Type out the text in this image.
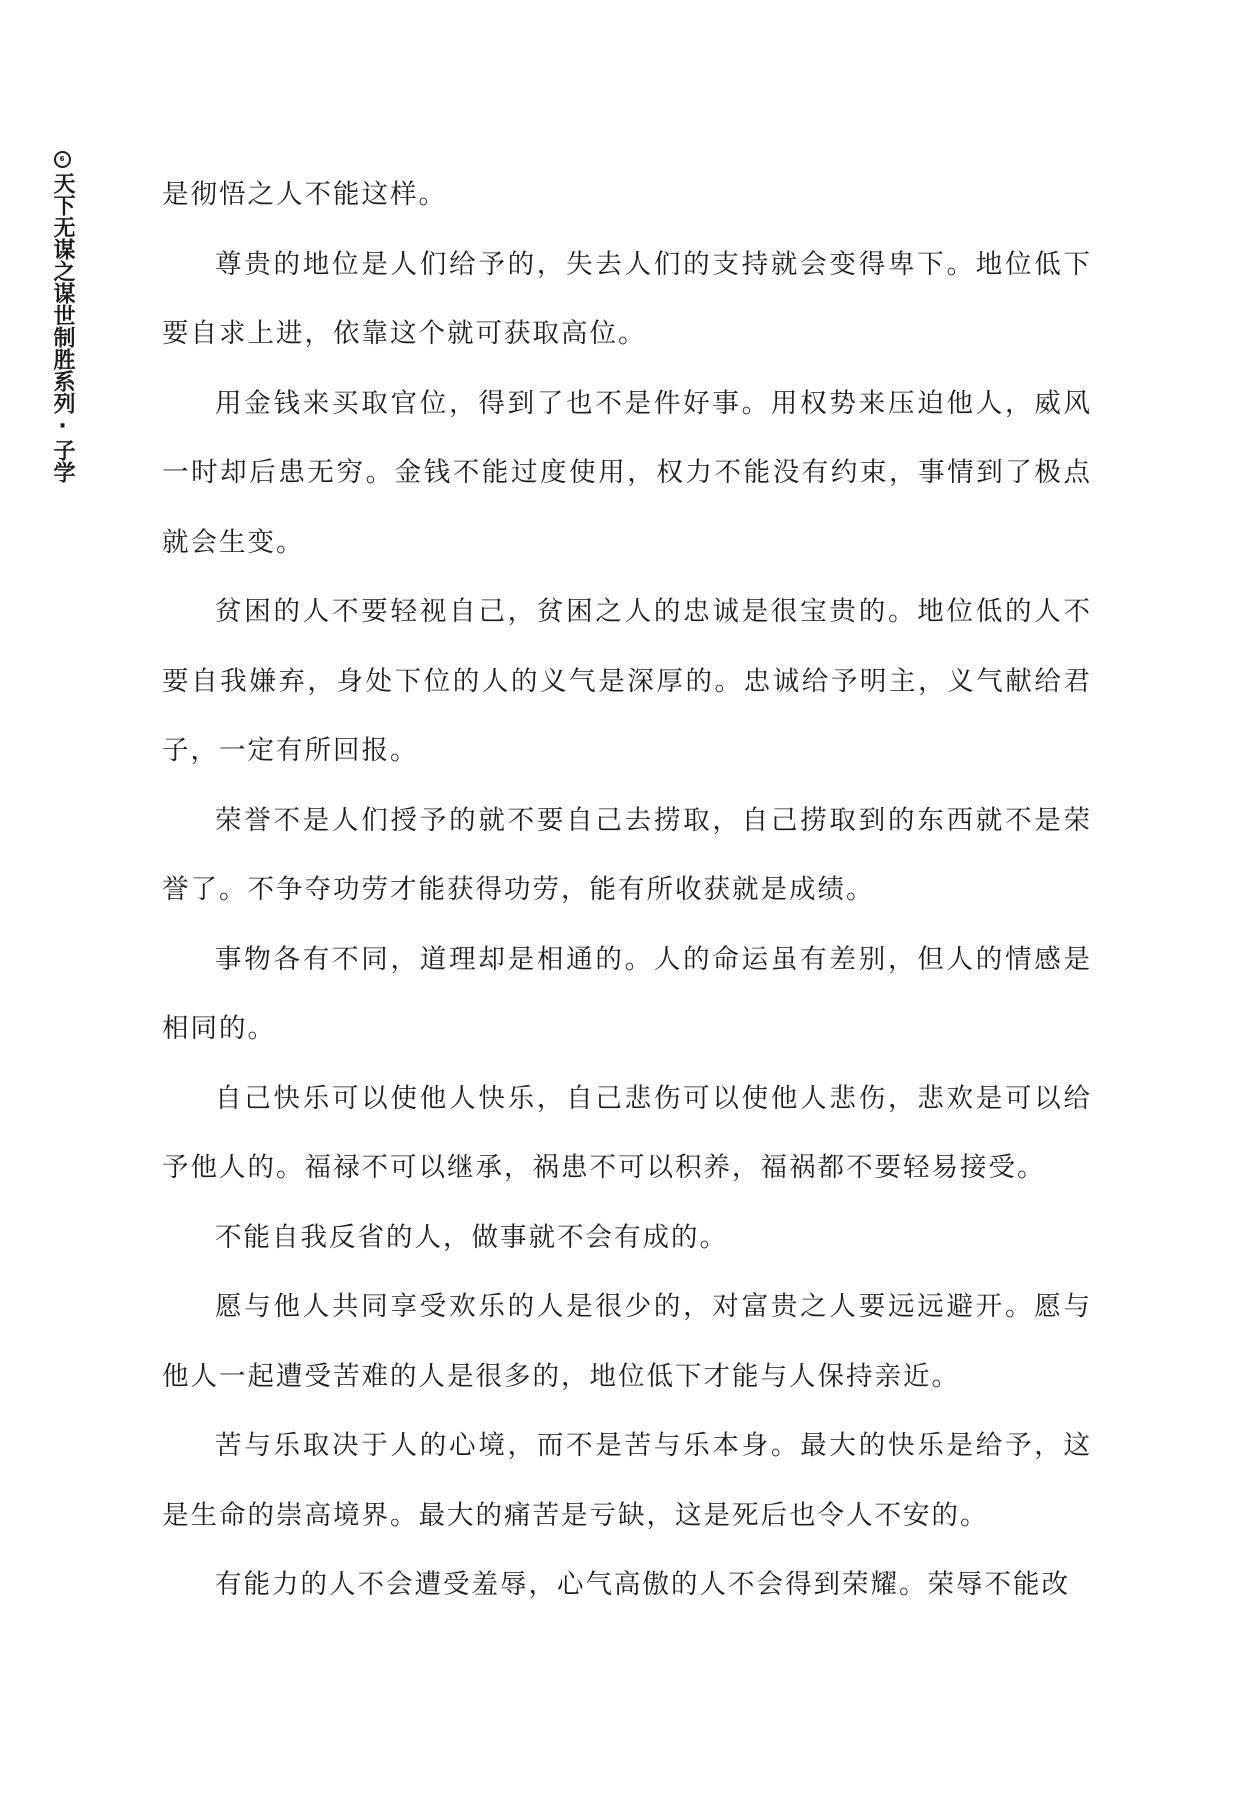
6
天下无谋之谋世制胜系列·子学	是彻悟之人不能这样。

尊贵的地位是人们给予的，失去人们的支持就会变得卑下。地位低下要自求上进，依靠这个就可获取高位。

用金钱来买取官位，得到了也不是件好事。用权势来压迫他人，威风一时却后患无穷。金钱不能过度使用，权力不能没有约束，事情到了极点就会生变。

贫困的人不要轻视自己，贫困之人的忠诚是很宝贵的。地位低的人不要自我嫌弃，身处下位的人的义气是深厚的。忠诚给予明主，义气献给君子，一定有所回报。

荣誉不是人们授予的就不要自己去捞取，自己捞取到的东西就不是荣誉了。不争夺功劳才能获得功劳，能有所收获就是成绩。

事物各有不同，道理却是相通的。人的命运虽有差别，但人的情感是相同的。

自己快乐可以使他人快乐，自己悲伤可以使他人悲伤，悲欢是可以给予他人的。福禄不可以继承，祸患不可以积养，福祸都不要轻易接受。

不能自我反省的人，做事就不会有成的。

愿与他人共同享受欢乐的人是很少的，对富贵之人要远远避开。愿与他人一起遭受苦难的人是很多的，地位低下才能与人保持亲近。

苦与乐取决于人的心境，而不是苦与乐本身。最大的快乐是给予，这是生命的崇高境界。最大的痛苦是亏缺，这是死后也令人不安的。

有能力的人不会遭受羞辱，心气高傲的人不会得到荣耀。荣辱不能改
